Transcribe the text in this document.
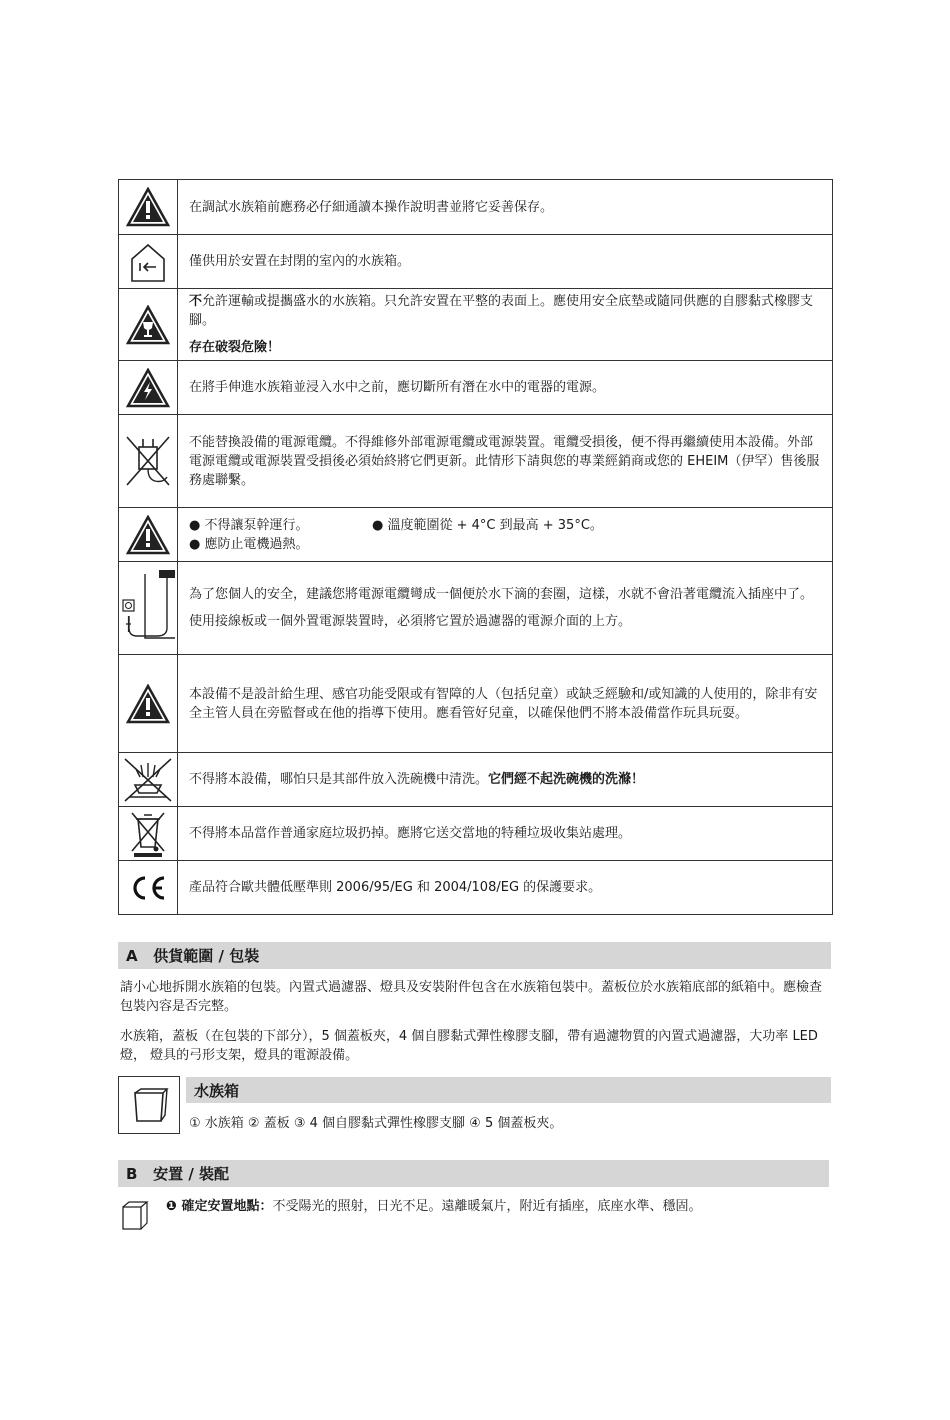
在調試水族箱前應務必仔細通讀本操作說明書並將它妥善保存。

僅供用於安置在封閉的室內的水族箱。

不允許運輸或提攜盛水的水族箱。只允許安置在平整的表面上。應使用安全底墊或隨同供應的自膠黏式橡膠支腳。

存在破裂危險！

在將手伸進水族箱並浸入水中之前，應切斷所有潛在水中的電器的電源。

不能替換設備的電源電纜。不得維修外部電源電纜或電源裝置。電纜受損後，便不得再繼續使用本設備。外部電源電纜或電源裝置受損後必須始終將它們更新。此情形下請與您的專業經銷商或您的 EHEIM（伊罕）售後服務處聯繫。

● 不得讓泵幹運行。	● 溫度範圍從 + 4°C 到最高 + 35°C。
● 應防止電機過熱。

為了您個人的安全，建議您將電源電纜彎成一個便於水下滴的套圈，這樣，水就不會沿著電纜流入插座中了。

使用接線板或一個外置電源裝置時，必須將它置於過濾器的電源介面的上方。

本設備不是設計給生理、感官功能受限或有智障的人（包括兒童）或缺乏經驗和/或知識的人使用的，除非有安全主管人員在旁監督或在他的指導下使用。應看管好兒童，以確保他們不將本設備當作玩具玩耍。

不得將本設備，哪怕只是其部件放入洗碗機中清洗。它們經不起洗碗機的洗滌！

不得將本品當作普通家庭垃圾扔掉。應將它送交當地的特種垃圾收集站處理。

產品符合歐共體低壓準則 2006/95/EG 和 2004/108/EG 的保護要求。

A   供貨範圍 / 包裝

請小心地拆開水族箱的包裝。內置式過濾器、燈具及安裝附件包含在水族箱包裝中。蓋板位於水族箱底部的紙箱中。應檢查包裝內容是否完整。

水族箱，蓋板（在包裝的下部分），5 個蓋板夾，4 個自膠黏式彈性橡膠支腳，帶有過濾物質的內置式過濾器，大功率 LED 燈， 燈具的弓形支架，燈具的電源設備。

水族箱

① 水族箱 ② 蓋板 ③ 4 個自膠黏式彈性橡膠支腳 ④ 5 個蓋板夾。

B   安置 / 裝配

❶ 確定安置地點：不受陽光的照射，日光不足。遠離暖氣片，附近有插座，底座水準、穩固。
